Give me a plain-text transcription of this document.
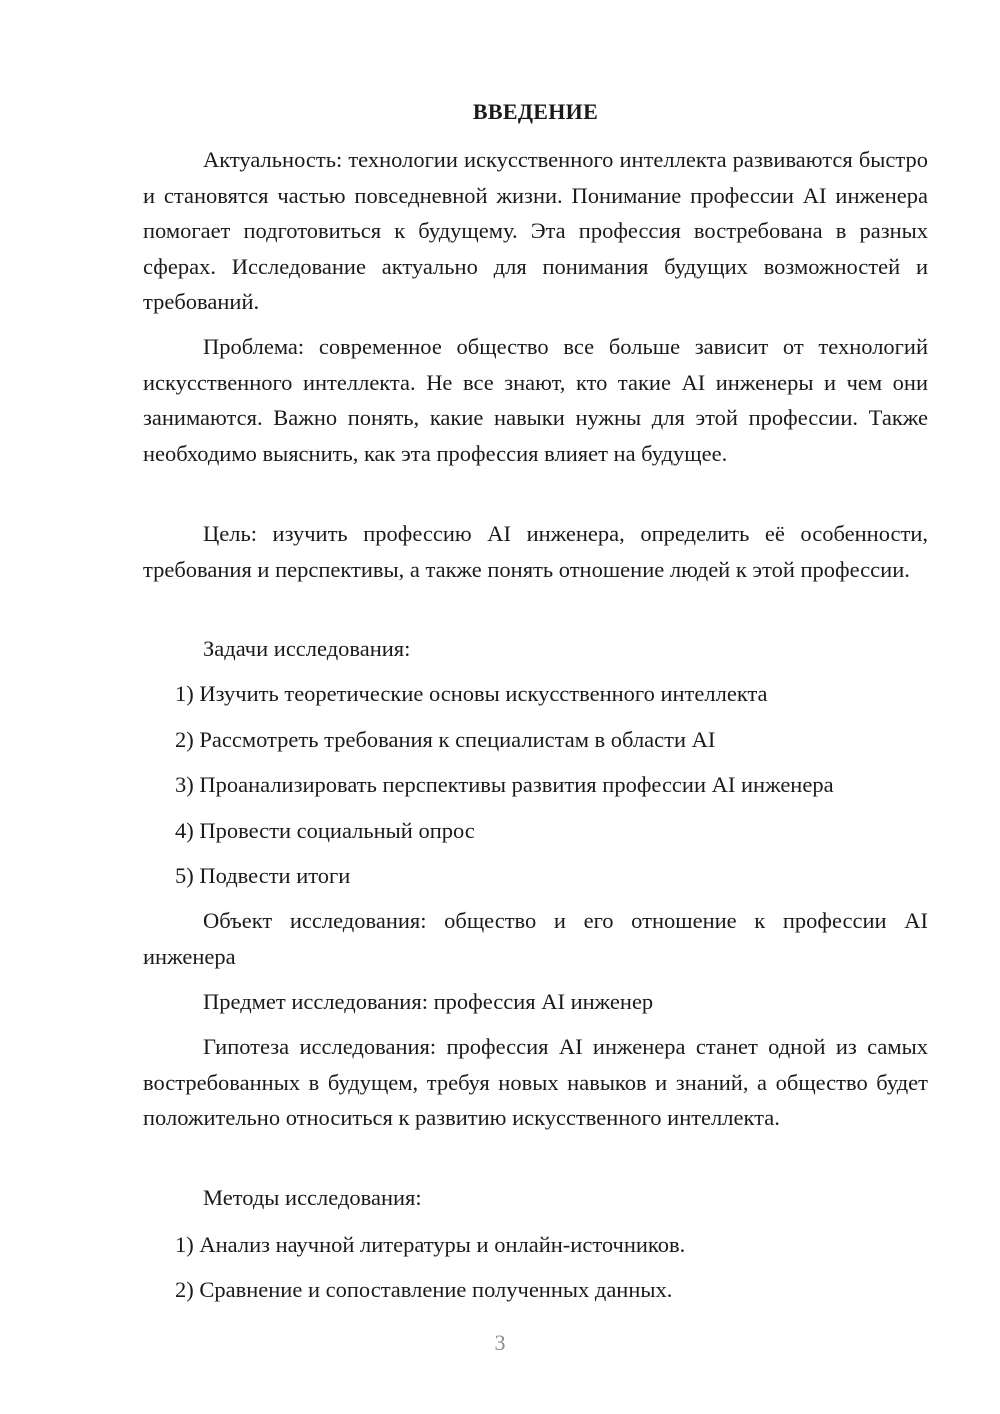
ВВЕДЕНИЕ

Актуальность: технологии искусственного интеллекта развиваются быстро и становятся частью повседневной жизни. Понимание профессии AI инженера помогает подготовиться к будущему. Эта профессия востребована в разных сферах. Исследование актуально для понимания будущих возможностей и требований.

Проблема: современное общество все больше зависит от технологий искусственного интеллекта. Не все знают, кто такие AI инженеры и чем они занимаются. Важно понять, какие навыки нужны для этой профессии. Также необходимо выяснить, как эта профессия влияет на будущее.

Цель: изучить профессию AI инженера, определить её особенности, требования и перспективы, а также понять отношение людей к этой профессии.

Задачи исследования:

1) Изучить теоретические основы искусственного интеллекта

2) Рассмотреть требования к специалистам в области AI

3) Проанализировать перспективы развития профессии AI инженера

4) Провести социальный опрос

5) Подвести итоги

Объект исследования: общество и его отношение к профессии AI инженера

Предмет исследования: профессия AI инженер

Гипотеза исследования: профессия AI инженера станет одной из самых востребованных в будущем, требуя новых навыков и знаний, а общество будет положительно относиться к развитию искусственного интеллекта.

Методы исследования:

1) Анализ научной литературы и онлайн-источников.

2) Сравнение и сопоставление полученных данных.

3
